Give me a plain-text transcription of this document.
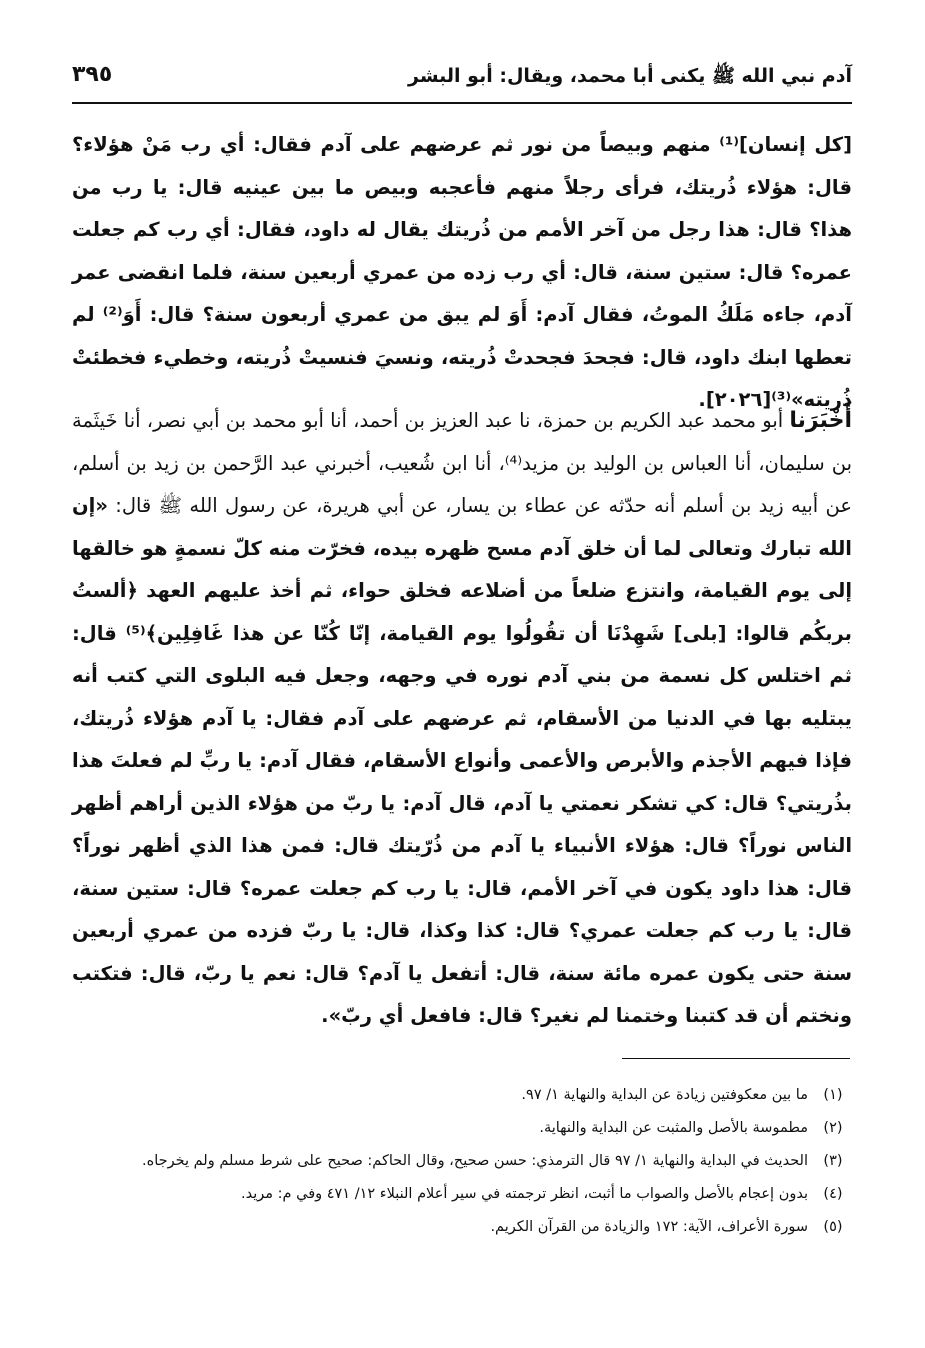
آدم نبي الله ﷺ يكنى أبا محمد، ويقال: أبو البشر
٣٩٥

[كل إنسان]⁽¹⁾ منهم وبيصاً من نور ثم عرضهم على آدم فقال: أي رب مَنْ هؤلاء؟ قال: هؤلاء ذُريتك، فرأى رجلاً منهم فأعجبه وبيص ما بين عينيه قال: يا رب من هذا؟ قال: هذا رجل من آخر الأمم من ذُريتك يقال له داود، فقال: أي رب كم جعلت عمره؟ قال: ستين سنة، قال: أي رب زده من عمري أربعين سنة، فلما انقضى عمر آدم، جاءه مَلَكُ الموتُ، فقال آدم: أَوَ لم يبق من عمري أربعون سنة؟ قال: أَوَ⁽²⁾ لم تعطها ابنك داود، قال: فجحدَ فجحدتْ ذُريته، ونسيَ فنسيتْ ذُريته، وخطيء فخطئتْ ذُريته»⁽³⁾[٢٠٢٦].

أَخْبَرَنا أبو محمد عبد الكريم بن حمزة، نا عبد العزيز بن أحمد، أنا أبو محمد بن أبي نصر، أنا خَيثَمة بن سليمان، أنا العباس بن الوليد بن مزيد⁽⁴⁾، أنا ابن شُعيب، أخبرني عبد الرَّحمن بن زيد بن أسلم، عن أبيه زيد بن أسلم أنه حدّثه عن عطاء بن يسار، عن أبي هريرة، عن رسول الله ﷺ قال: «إن الله تبارك وتعالى لما أن خلق آدم مسح ظهره بيده، فخرّت منه كلّ نسمةٍ هو خالقها إلى يوم القيامة، وانتزع ضلعاً من أضلاعه فخلق حواء، ثم أخذ عليهم العهد ﴿ألستُ بربكُم قالوا: [بلى] شَهِدْنَا أن تقُولُوا يوم القيامة، إنّا كُنّا عن هذا غَافِلِين﴾⁽⁵⁾ قال: ثم اختلس كل نسمة من بني آدم نوره في وجهه، وجعل فيه البلوى التي كتب أنه يبتليه بها في الدنيا من الأسقام، ثم عرضهم على آدم فقال: يا آدم هؤلاء ذُريتك، فإذا فيهم الأجذم والأبرص والأعمى وأنواع الأسقام، فقال آدم: يا ربِّ لم فعلتَ هذا بذُريتي؟ قال: كي تشكر نعمتي يا آدم، قال آدم: يا ربّ من هؤلاء الذين أراهم أظهر الناس نوراً؟ قال: هؤلاء الأنبياء يا آدم من ذُرّيتك قال: فمن هذا الذي أظهر نوراً؟ قال: هذا داود يكون في آخر الأمم، قال: يا رب كم جعلت عمره؟ قال: ستين سنة، قال: يا رب كم جعلت عمري؟ قال: كذا وكذا، قال: يا ربّ فزده من عمري أربعين سنة حتى يكون عمره مائة سنة، قال: أتفعل يا آدم؟ قال: نعم يا ربّ، قال: فتكتب ونختم أن قد كتبنا وختمنا لم نغير؟ قال: فافعل أي ربّ».

(١)
ما بين معكوفتين زيادة عن البداية والنهاية ١/ ٩٧.
(٢)
مطموسة بالأصل والمثبت عن البداية والنهاية.
(٣)
الحديث في البداية والنهاية ١/ ٩٧ قال الترمذي: حسن صحيح، وقال الحاكم: صحيح على شرط مسلم ولم يخرجاه.
(٤)
بدون إعجام بالأصل والصواب ما أثبت، انظر ترجمته في سير أعلام النبلاء ١٢/ ٤٧١ وفي م: مريد.
(٥)
سورة الأعراف، الآية: ١٧٢ والزيادة من القرآن الكريم.
